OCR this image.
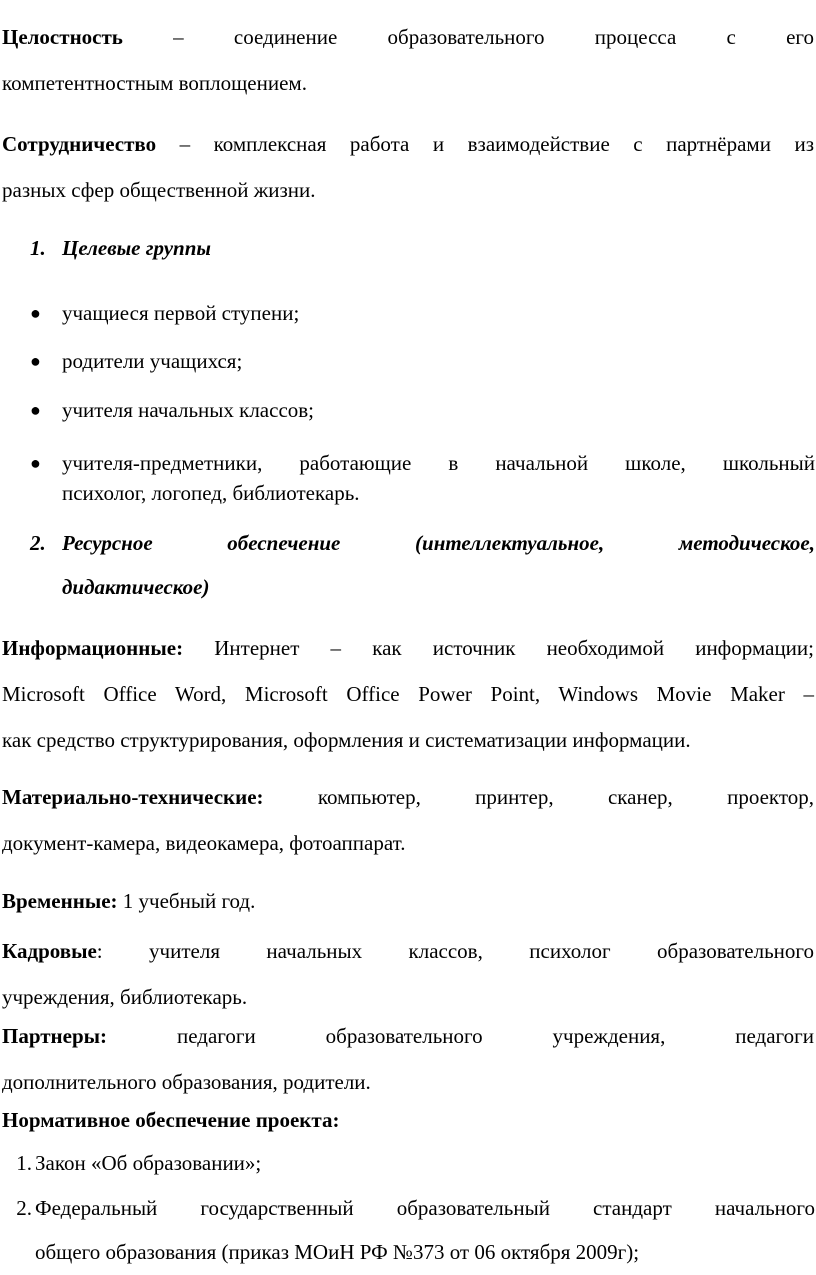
Целостность – соединение образовательного процесса с его
компетентностным воплощением.
Сотрудничество – комплексная работа и взаимодействие с партнёрами из
разных сфер общественной жизни.
1. Целевые группы
●	учащиеся первой ступени;
●	родители учащихся;
●	учителя начальных классов;
●	учителя-предметники, работающие в начальной школе, школьный
психолог, логопед, библиотекарь.
2. Ресурсное обеспечение (интеллектуальное, методическое,
дидактическое)
Информационные: Интернет – как источник необходимой информации;
Microsoft Office Word, Microsoft Office Power Point, Windows Movie Maker –
как средство структурирования, оформления и систематизации информации.
Материально-технические: компьютер, принтер, сканер, проектор,
документ-камера, видеокамера, фотоаппарат.
Временные: 1 учебный год.
Кадровые: учителя начальных классов, психолог образовательного
учреждения, библиотекарь.
Партнеры: педагоги образовательного учреждения, педагоги
дополнительного образования, родители.
Нормативное обеспечение проекта:
1. Закон «Об образовании»;
2. Федеральный государственный образовательный стандарт начального
общего образования (приказ МОиН РФ №373 от 06 октября 2009г);
